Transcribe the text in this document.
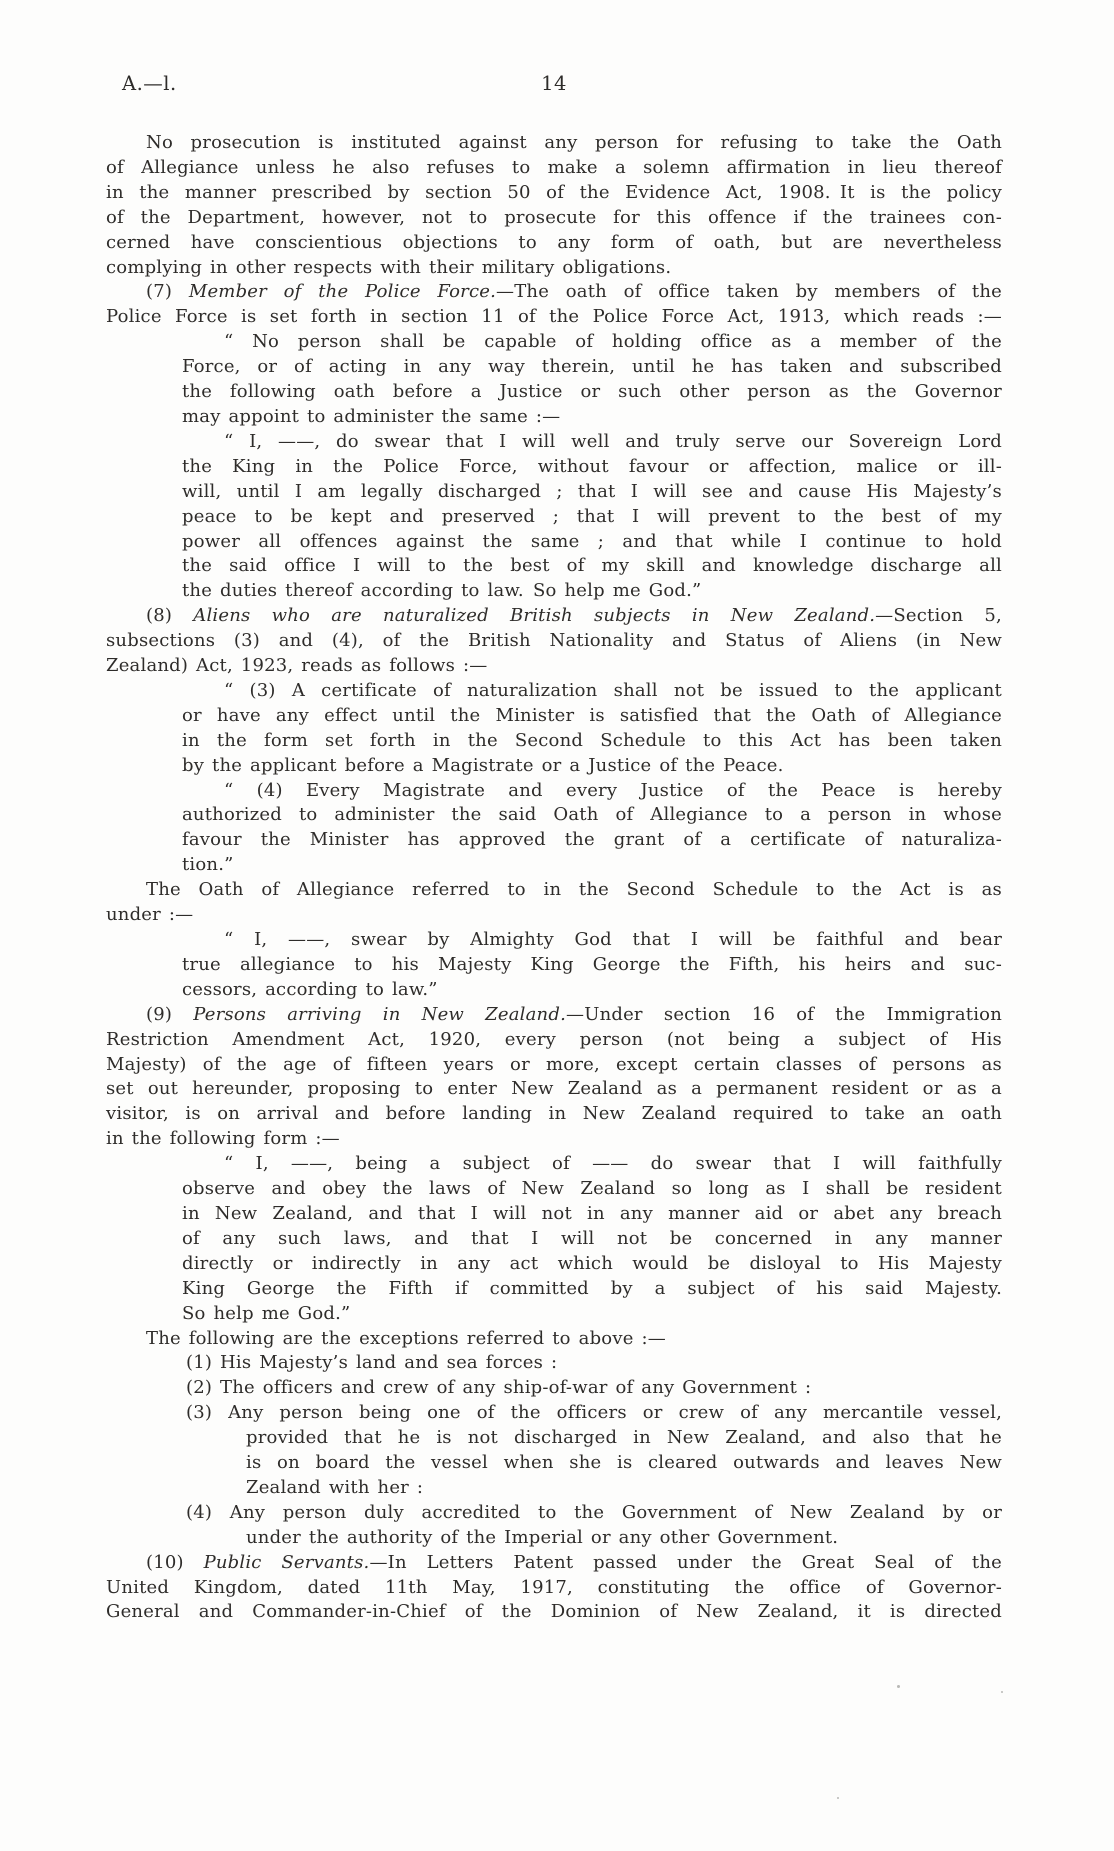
A.—l.	14

No prosecution is instituted against any person for refusing to take the Oath
of Allegiance unless he also refuses to make a solemn affirmation in lieu thereof
in the manner prescribed by section 50 of the Evidence Act, 1908. It is the policy
of the Department, however, not to prosecute for this offence if the trainees con-
cerned have conscientious objections to any form of oath, but are nevertheless
complying in other respects with their military obligations.

(7) Member of the Police Force.—The oath of office taken by members of the
Police Force is set forth in section 11 of the Police Force Act, 1913, which reads :—

“ No person shall be capable of holding office as a member of the
Force, or of acting in any way therein, until he has taken and subscribed
the following oath before a Justice or such other person as the Governor
may appoint to administer the same :—

“ I, ——, do swear that I will well and truly serve our Sovereign Lord
the King in the Police Force, without favour or affection, malice or ill-
will, until I am legally discharged ; that I will see and cause His Majesty’s
peace to be kept and preserved ; that I will prevent to the best of my
power all offences against the same ; and that while I continue to hold
the said office I will to the best of my skill and knowledge discharge all
the duties thereof according to law. So help me God.”

(8) Aliens who are naturalized British subjects in New Zealand.—Section 5,
subsections (3) and (4), of the British Nationality and Status of Aliens (in New
Zealand) Act, 1923, reads as follows :—

“ (3) A certificate of naturalization shall not be issued to the applicant
or have any effect until the Minister is satisfied that the Oath of Allegiance
in the form set forth in the Second Schedule to this Act has been taken
by the applicant before a Magistrate or a Justice of the Peace.

“ (4) Every Magistrate and every Justice of the Peace is hereby
authorized to administer the said Oath of Allegiance to a person in whose
favour the Minister has approved the grant of a certificate of naturaliza-
tion.”

The Oath of Allegiance referred to in the Second Schedule to the Act is as
under :—

“ I, ——, swear by Almighty God that I will be faithful and bear
true allegiance to his Majesty King George the Fifth, his heirs and suc-
cessors, according to law.”

(9) Persons arriving in New Zealand.—Under section 16 of the Immigration
Restriction Amendment Act, 1920, every person (not being a subject of His
Majesty) of the age of fifteen years or more, except certain classes of persons as
set out hereunder, proposing to enter New Zealand as a permanent resident or as a
visitor, is on arrival and before landing in New Zealand required to take an oath
in the following form :—

“ I, ——, being a subject of —— do swear that I will faithfully
observe and obey the laws of New Zealand so long as I shall be resident
in New Zealand, and that I will not in any manner aid or abet any breach
of any such laws, and that I will not be concerned in any manner
directly or indirectly in any act which would be disloyal to His Majesty
King George the Fifth if committed by a subject of his said Majesty.
So help me God.”

The following are the exceptions referred to above :—

(1) His Majesty’s land and sea forces :

(2) The officers and crew of any ship-of-war of any Government :

(3) Any person being one of the officers or crew of any mercantile vessel,
provided that he is not discharged in New Zealand, and also that he
is on board the vessel when she is cleared outwards and leaves New
Zealand with her :

(4) Any person duly accredited to the Government of New Zealand by or
under the authority of the Imperial or any other Government.

(10) Public Servants.—In Letters Patent passed under the Great Seal of the
United Kingdom, dated 11th May, 1917, constituting the office of Governor-
General and Commander-in-Chief of the Dominion of New Zealand, it is directed
